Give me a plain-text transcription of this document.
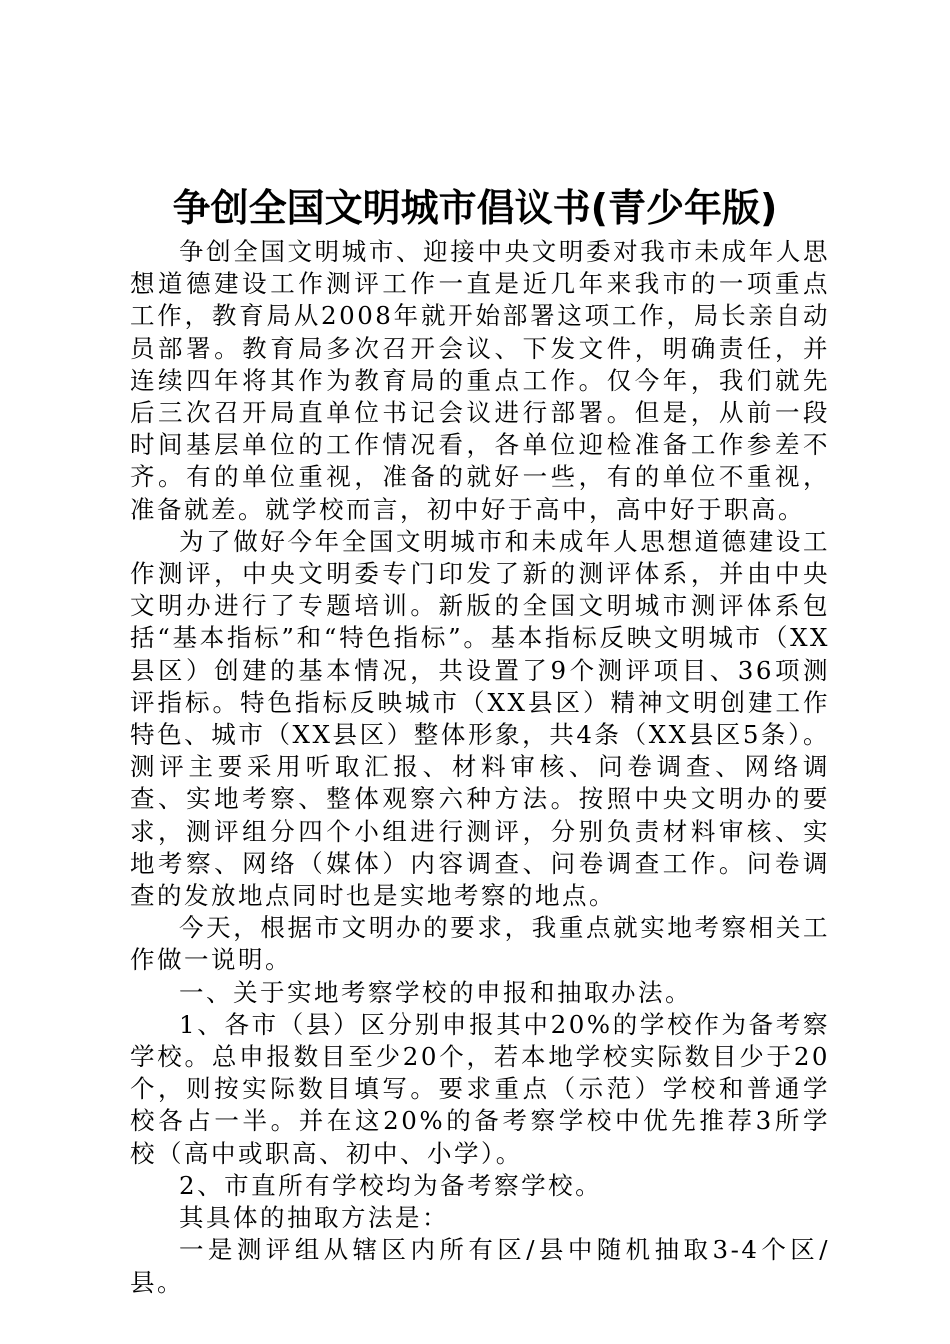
争创全国文明城市倡议书(青少年版)

争创全国文明城市、迎接中央文明委对我市未成年人思想道德建设工作测评工作一直是近几年来我市的一项重点工作，教育局从2008年就开始部署这项工作，局长亲自动员部署。教育局多次召开会议、下发文件，明确责任，并连续四年将其作为教育局的重点工作。仅今年，我们就先后三次召开局直单位书记会议进行部署。但是，从前一段时间基层单位的工作情况看，各单位迎检准备工作参差不齐。有的单位重视，准备的就好一些，有的单位不重视，准备就差。就学校而言，初中好于高中，高中好于职高。

为了做好今年全国文明城市和未成年人思想道德建设工作测评，中央文明委专门印发了新的测评体系，并由中央文明办进行了专题培训。新版的全国文明城市测评体系包括“基本指标”和“特色指标”。基本指标反映文明城市（XX县区）创建的基本情况，共设置了9个测评项目、36项测评指标。特色指标反映城市（XX县区）精神文明创建工作特色、城市（XX县区）整体形象，共4条（XX县区5条）。测评主要采用听取汇报、材料审核、问卷调查、网络调查、实地考察、整体观察六种方法。按照中央文明办的要求，测评组分四个小组进行测评，分别负责材料审核、实地考察、网络（媒体）内容调查、问卷调查工作。问卷调查的发放地点同时也是实地考察的地点。

今天，根据市文明办的要求，我重点就实地考察相关工作做一说明。

一、关于实地考察学校的申报和抽取办法。

1、各市（县）区分别申报其中20%的学校作为备考察学校。总申报数目至少20个，若本地学校实际数目少于20个，则按实际数目填写。要求重点（示范）学校和普通学校各占一半。并在这20%的备考察学校中优先推荐3所学校（高中或职高、初中、小学）。

2、市直所有学校均为备考察学校。

其具体的抽取方法是：

一是测评组从辖区内所有区/县中随机抽取3-4个区/县。
